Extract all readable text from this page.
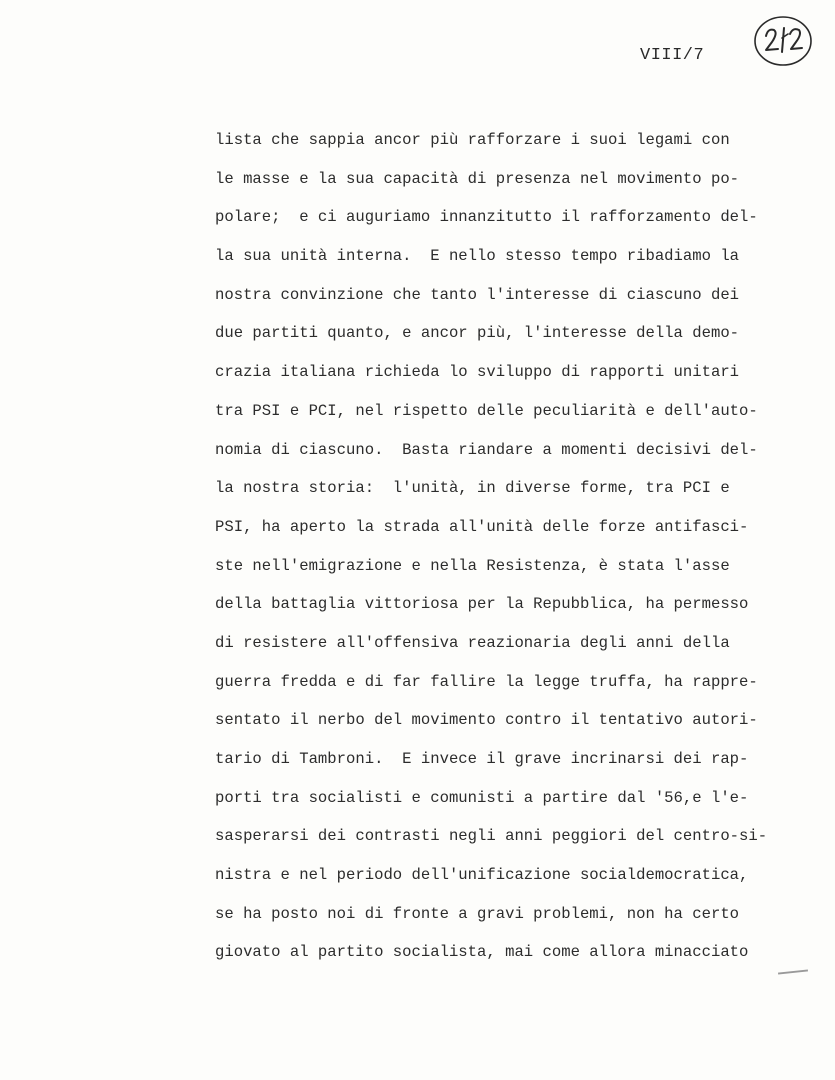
VIII/7
lista che sappia ancor più rafforzare i suoi legami con
le masse e la sua capacità di presenza nel movimento po-
polare;  e ci auguriamo innanzitutto il rafforzamento del-
la sua unità interna.  E nello stesso tempo ribadiamo la
nostra convinzione che tanto l'interesse di ciascuno dei
due partiti quanto, e ancor più, l'interesse della demo-
crazia italiana richieda lo sviluppo di rapporti unitari
tra PSI e PCI, nel rispetto delle peculiarità e dell'auto-
nomia di ciascuno.  Basta riandare a momenti decisivi del-
la nostra storia:  l'unità, in diverse forme, tra PCI e
PSI, ha aperto la strada all'unità delle forze antifasci-
ste nell'emigrazione e nella Resistenza, è stata l'asse
della battaglia vittoriosa per la Repubblica, ha permesso
di resistere all'offensiva reazionaria degli anni della
guerra fredda e di far fallire la legge truffa, ha rappre-
sentato il nerbo del movimento contro il tentativo autori-
tario di Tambroni.  E invece il grave incrinarsi dei rap-
porti tra socialisti e comunisti a partire dal '56,e l'e-
sasperarsi dei contrasti negli anni peggiori del centro-si-
nistra e nel periodo dell'unificazione socialdemocratica,
se ha posto noi di fronte a gravi problemi, non ha certo
giovato al partito socialista, mai come allora minacciato
